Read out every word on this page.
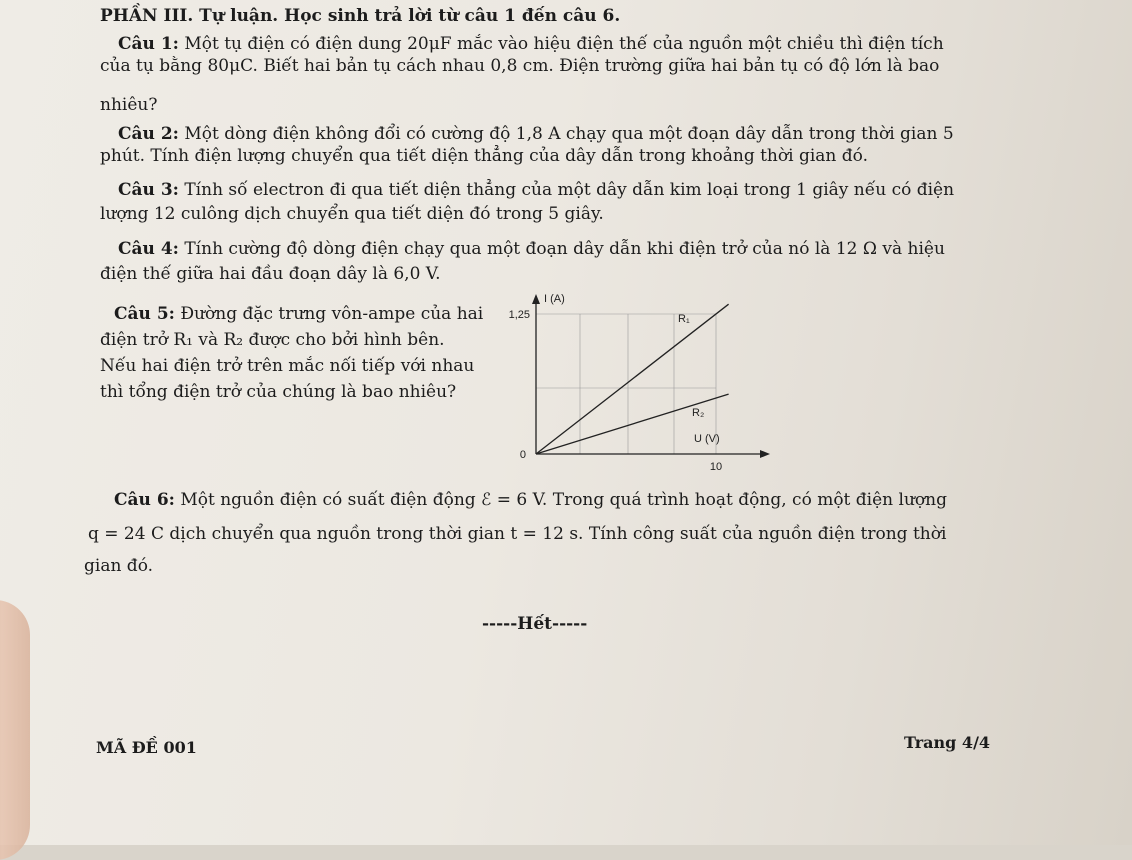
PHẦN III. Tự luận. Học sinh trả lời từ câu 1 đến câu 6.
Câu 1: Một tụ điện có điện dung 20μF mắc vào hiệu điện thế của nguồn một chiều thì điện tích
của tụ bằng 80μC. Biết hai bản tụ cách nhau 0,8 cm. Điện trường giữa hai bản tụ có độ lớn là bao
nhiêu?
Câu 2: Một dòng điện không đổi có cường độ 1,8 A chạy qua một đoạn dây dẫn trong thời gian 5
phút. Tính điện lượng chuyển qua tiết diện thẳng của dây dẫn trong khoảng thời gian đó.
Câu 3: Tính số electron đi qua tiết diện thẳng của một dây dẫn kim loại trong 1 giây nếu có điện
lượng 12 culông dịch chuyển qua tiết diện đó trong 5 giây.
Câu 4: Tính cường độ dòng điện chạy qua một đoạn dây dẫn khi điện trở của nó là 12 Ω và hiệu
điện thế giữa hai đầu đoạn dây là 6,0 V.
Câu 5: Đường đặc trưng vôn-ampe của hai
điện trở R₁ và R₂ được cho bởi hình bên.
Nếu hai điện trở trên mắc nối tiếp với nhau
thì tổng điện trở của chúng là bao nhiêu?
I (A)
U (V)
0
10
1,25	R₁
R₂
Câu 6: Một nguồn điện có suất điện động ℰ = 6 V. Trong quá trình hoạt động, có một điện lượng
q = 24 C dịch chuyển qua nguồn trong thời gian t = 12 s. Tính công suất của nguồn điện trong thời
gian đó.
-----Hết-----
MÃ ĐỀ 001	Trang 4/4
